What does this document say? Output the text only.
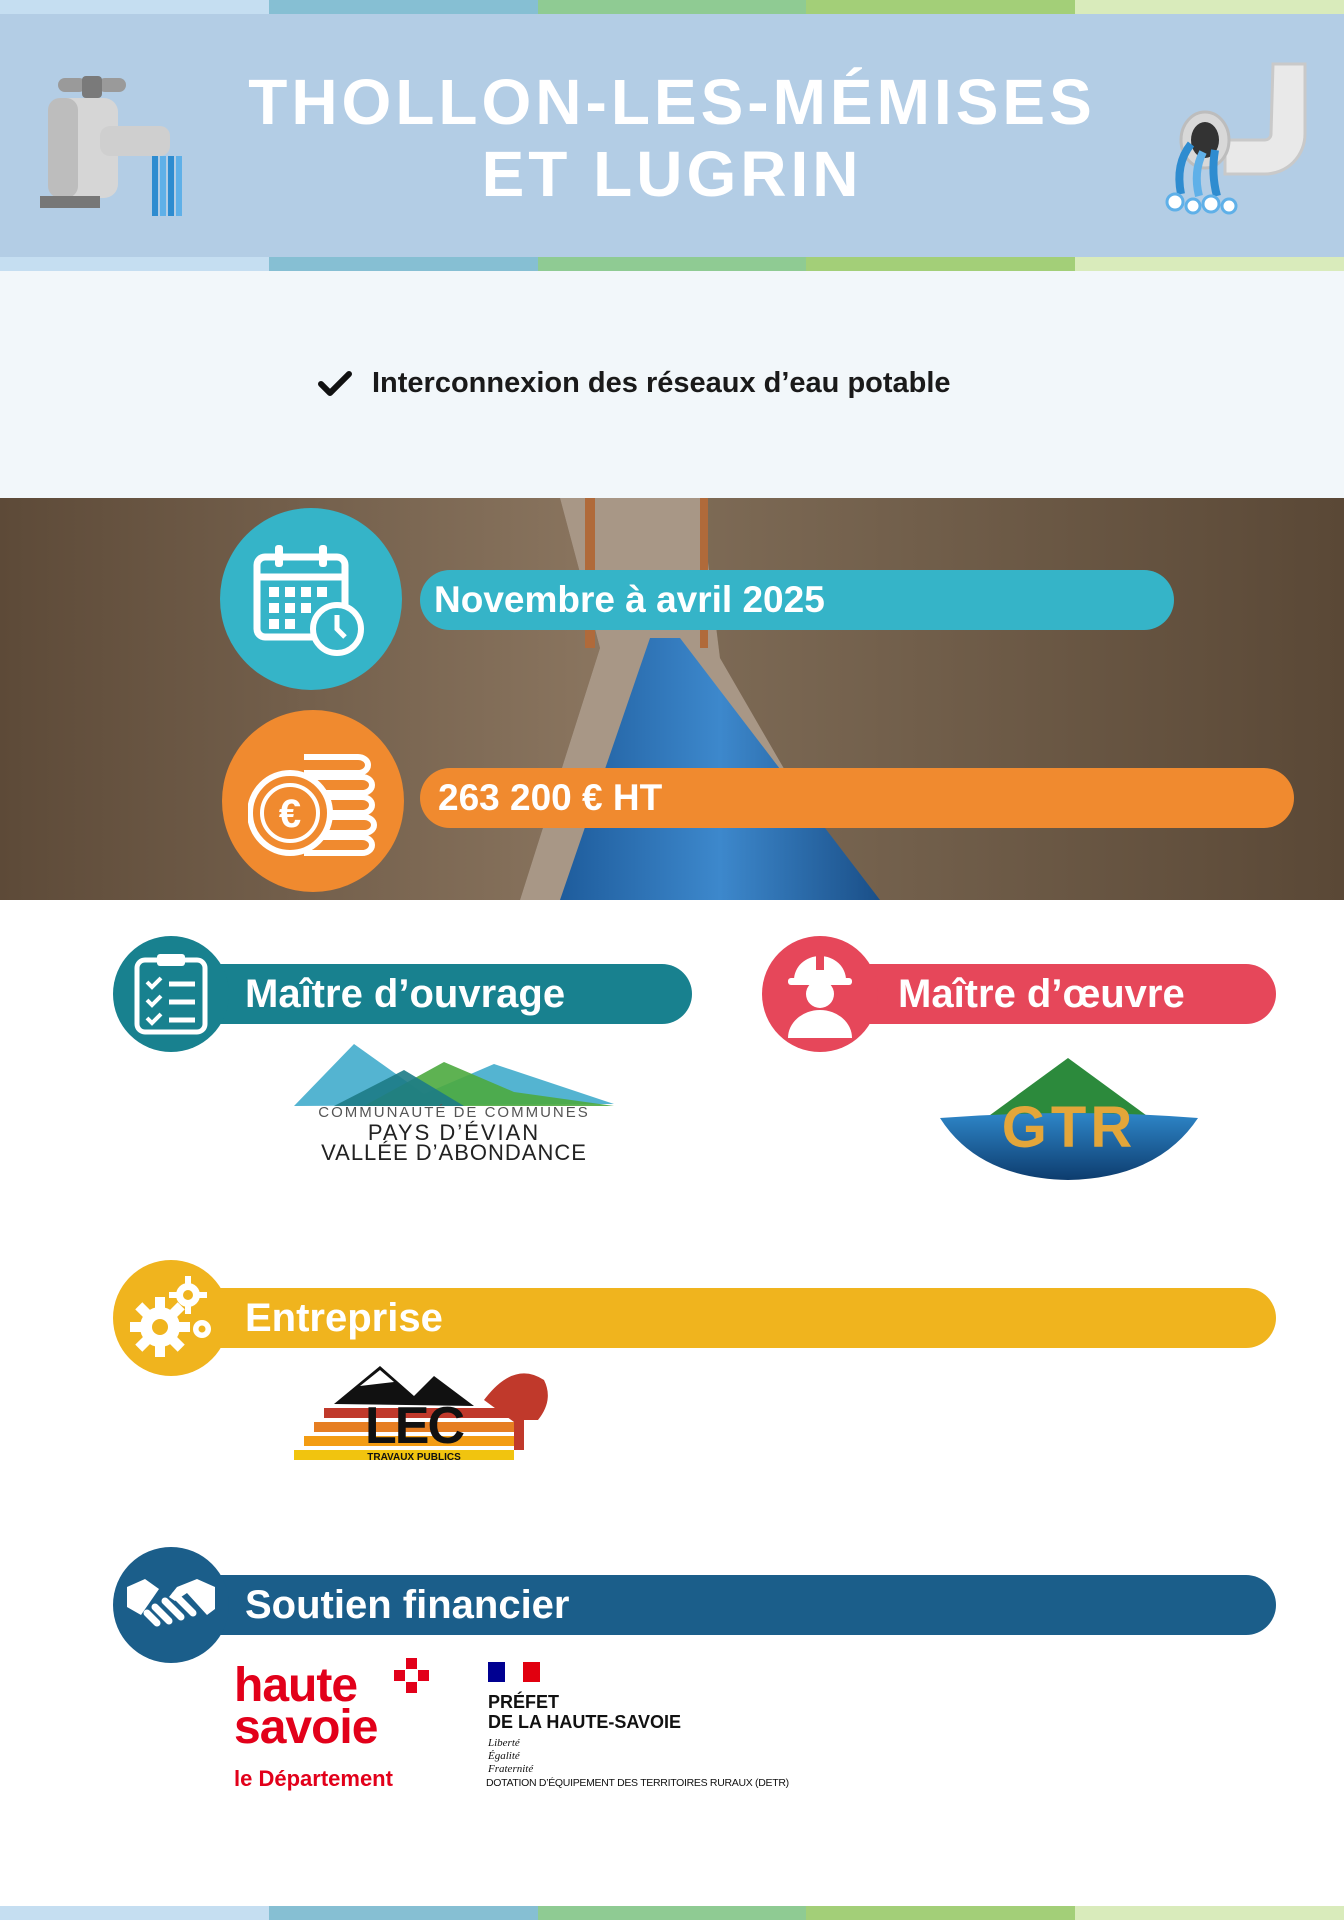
THOLLON-LES-MÉMISES
ET LUGRIN
Interconnexion des réseaux d’eau potable
Novembre à avril 2025
€	263 200 € HT
Maître d’ouvrage	Maître d’œuvre
COMMUNAUTÉ DE COMMUNES
PAYS D’ÉVIAN
VALLÉE D’ABONDANCE	GTR
Entreprise
LEC
TRAVAUX PUBLICS
Soutien financier
haute
savoie
le Département
PRÉFET
DE LA HAUTE-SAVOIE
Liberté
Égalité
Fraternité
DOTATION D’ÉQUIPEMENT DES TERRITOIRES RURAUX (DETR)
